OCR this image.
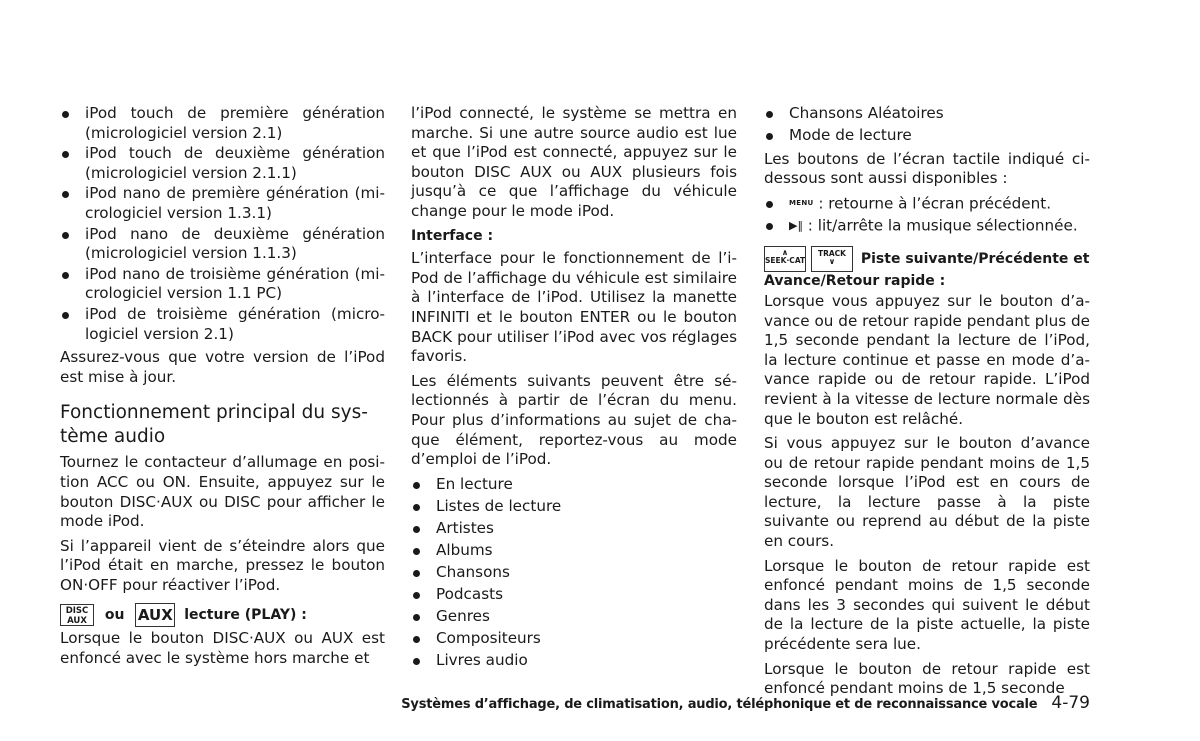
iPod touch de première génération (micrologiciel version 2.1)
iPod touch de deuxième génération (micrologiciel version 2.1.1)
iPod nano de première génération (micrologiciel version 1.3.1)
iPod nano de deuxième génération (micrologiciel version 1.1.3)
iPod nano de troisième génération (micrologiciel version 1.1 PC)
iPod de troisième génération (micrologiciel version 2.1)

Assurez-vous que votre version de l’iPod est mise à jour.

Fonctionnement principal du système audio

Tournez le contacteur d’allumage en position ACC ou ON. Ensuite, appuyez sur le bouton DISC·AUX ou DISC pour afficher le mode iPod.

Si l’appareil vient de s’éteindre alors que l’iPod était en marche, pressez le bouton ON·OFF pour réactiver l’iPod.

DISC
AUX	ou AUX lecture (PLAY) :

Lorsque le bouton DISC·AUX ou AUX est enfoncé avec le système hors marche et

l’iPod connecté, le système se mettra en marche. Si une autre source audio est lue et que l’iPod est connecté, appuyez sur le bouton DISC AUX ou AUX plusieurs fois jusqu’à ce que l’affichage du véhicule change pour le mode iPod.

Interface :

L’interface pour le fonctionnement de l’iPod de l’affichage du véhicule est similaire à l’interface de l’iPod. Utilisez la manette INFINITI et le bouton ENTER ou le bouton BACK pour utiliser l’iPod avec vos réglages favoris.

Les éléments suivants peuvent être sélectionnés à partir de l’écran du menu. Pour plus d’informations au sujet de chaque élément, reportez-vous au mode d’emploi de l’iPod.

En lecture
Listes de lecture
Artistes
Albums
Chansons
Podcasts
Genres
Compositeurs
Livres audio
Chansons Aléatoires
Mode de lecture

Les boutons de l’écran tactile indiqué ci-dessous sont aussi disponibles :

MENU : retourne à l’écran précédent.
▶‖ : lit/arrête la musique sélectionnée.
∧
SEEK·CAT
TRACK
∨	Piste suivante/Précédente et Avance/Retour rapide :

Lorsque vous appuyez sur le bouton d’avance ou de retour rapide pendant plus de 1,5 seconde pendant la lecture de l’iPod, la lecture continue et passe en mode d’avance rapide ou de retour rapide. L’iPod revient à la vitesse de lecture normale dès que le bouton est relâché.

Si vous appuyez sur le bouton d’avance ou de retour rapide pendant moins de 1,5 seconde lorsque l’iPod est en cours de lecture, la lecture passe à la piste suivante ou reprend au début de la piste en cours.

Lorsque le bouton de retour rapide est enfoncé pendant moins de 1,5 seconde dans les 3 secondes qui suivent le début de la lecture de la piste actuelle, la piste précédente sera lue.

Lorsque le bouton de retour rapide est enfoncé pendant moins de 1,5 seconde

Systèmes d’affichage, de climatisation, audio, téléphonique et de reconnaissance vocale 4-79
